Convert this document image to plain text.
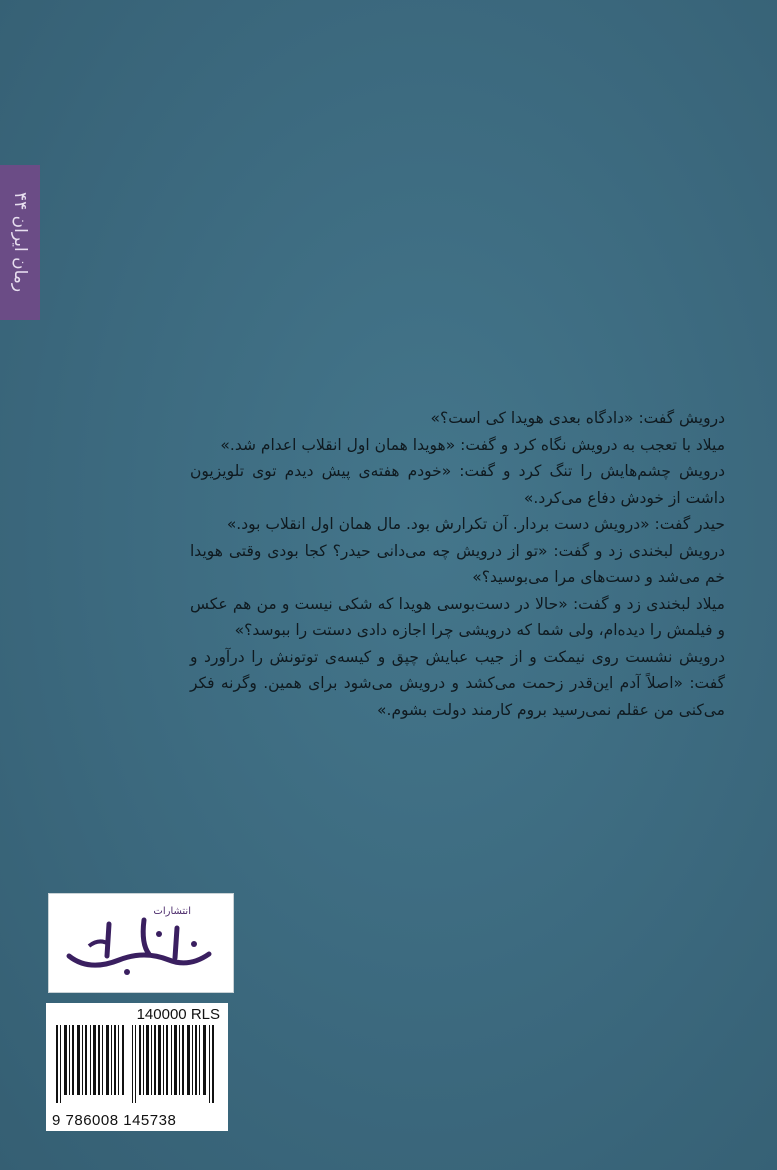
رمان ایران ۴۴

درویش گفت: «دادگاه بعدی هویدا کی است؟»

میلاد با تعجب به درویش نگاه کرد و گفت: «هویدا همان اول انقلاب اعدام شد.»

درویش چشم‌هایش را تنگ کرد و گفت: «خودم هفته‌ی پیش دیدم توی تلویزیون داشت از خودش دفاع می‌کرد.»

حیدر گفت: «درویش دست بردار. آن تکرارش بود. مال همان اول انقلاب بود.»

درویش لبخندی زد و گفت: «تو از درویش چه می‌دانی حیدر؟ کجا بودی وقتی هویدا خم می‌شد و دست‌های مرا می‌بوسید؟»

میلاد لبخندی زد و گفت: «حالا در دست‌بوسی هویدا که شکی نیست و من هم عکس و فیلمش را دیده‌ام، ولی شما که درویشی چرا اجازه دادی دستت را ببوسد؟»

درویش نشست روی نیمکت و از جیب عبایش چپق و کیسه‌ی توتونش را درآورد و گفت: «اصلاً آدم این‌قدر زحمت می‌کشد و درویش می‌شود برای همین. وگرنه فکر می‌کنی من عقلم نمی‌رسید بروم کارمند دولت بشوم.»

انتشارات
140000 RLS
9 786008 145738
